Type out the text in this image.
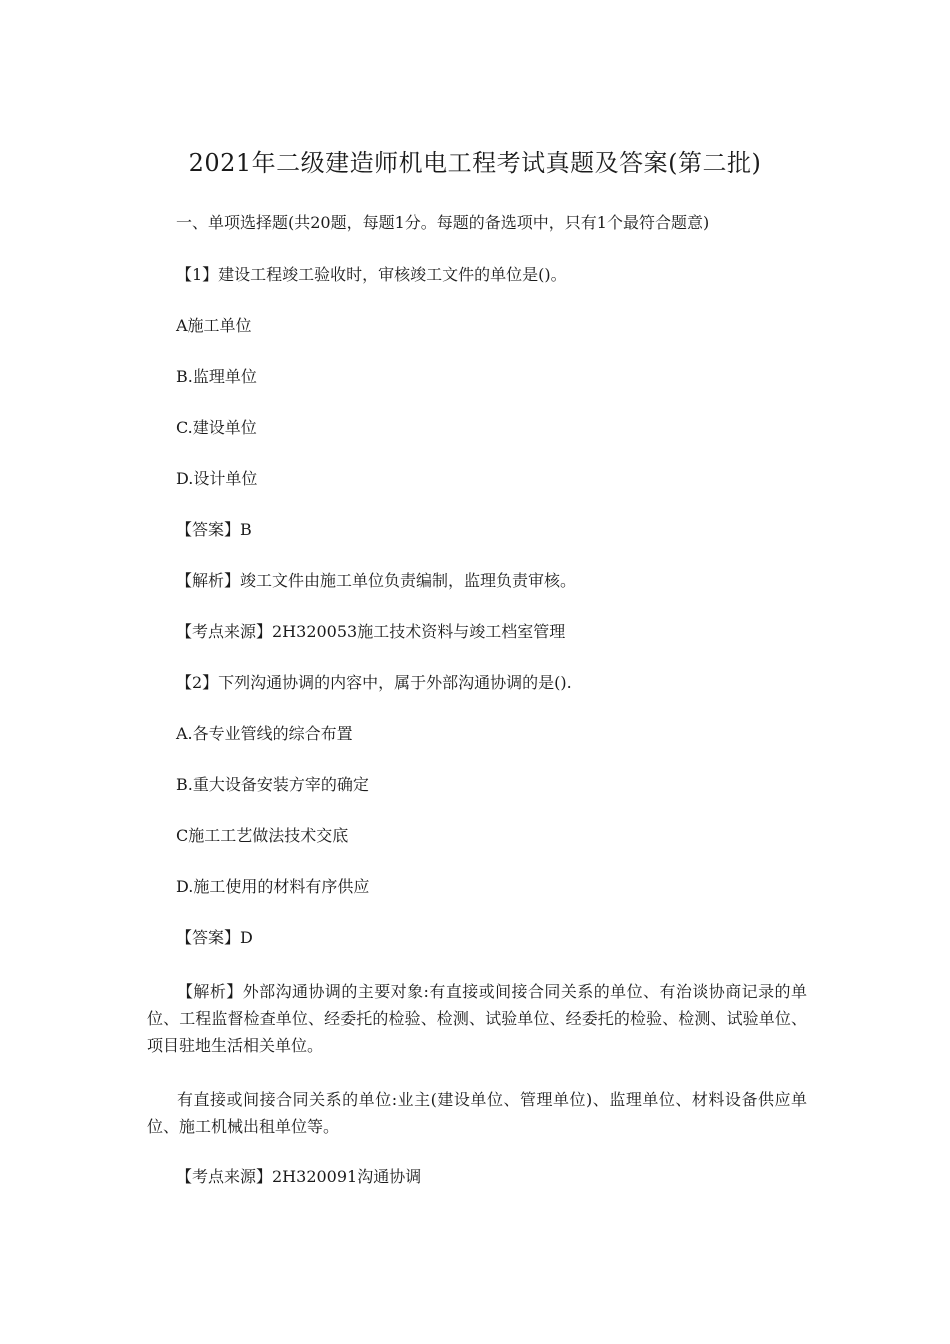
2021年二级建造师机电工程考试真题及答案(第二批)

一、单项选择题(共20题，每题1分。每题的备选项中，只有1个最符合题意)

【1】建设工程竣工验收时，审核竣工文件的单位是()。

A施工单位

B.监理单位

C.建设单位

D.设计单位

【答案】B

【解析】竣工文件由施工单位负责编制，监理负责审核。

【考点来源】2H320053施工技术资料与竣工档室管理

【2】下列沟通协调的内容中，属于外部沟通协调的是().

A.各专业管线的综合布置

B.重大设备安装方宰的确定

C施工工艺做法技术交底

D.施工使用的材料有序供应

【答案】D

【解析】外部沟通协调的主要对象:有直接或间接合同关系的单位、有治谈协商记录的单位、工程监督检查单位、经委托的检验、检测、试验单位、经委托的检验、检测、试验单位、项目驻地生活相关单位。

有直接或间接合同关系的单位:业主(建设单位、管理单位)、监理单位、材料设备供应单位、施工机械出租单位等。

【考点来源】2H320091沟通协调
